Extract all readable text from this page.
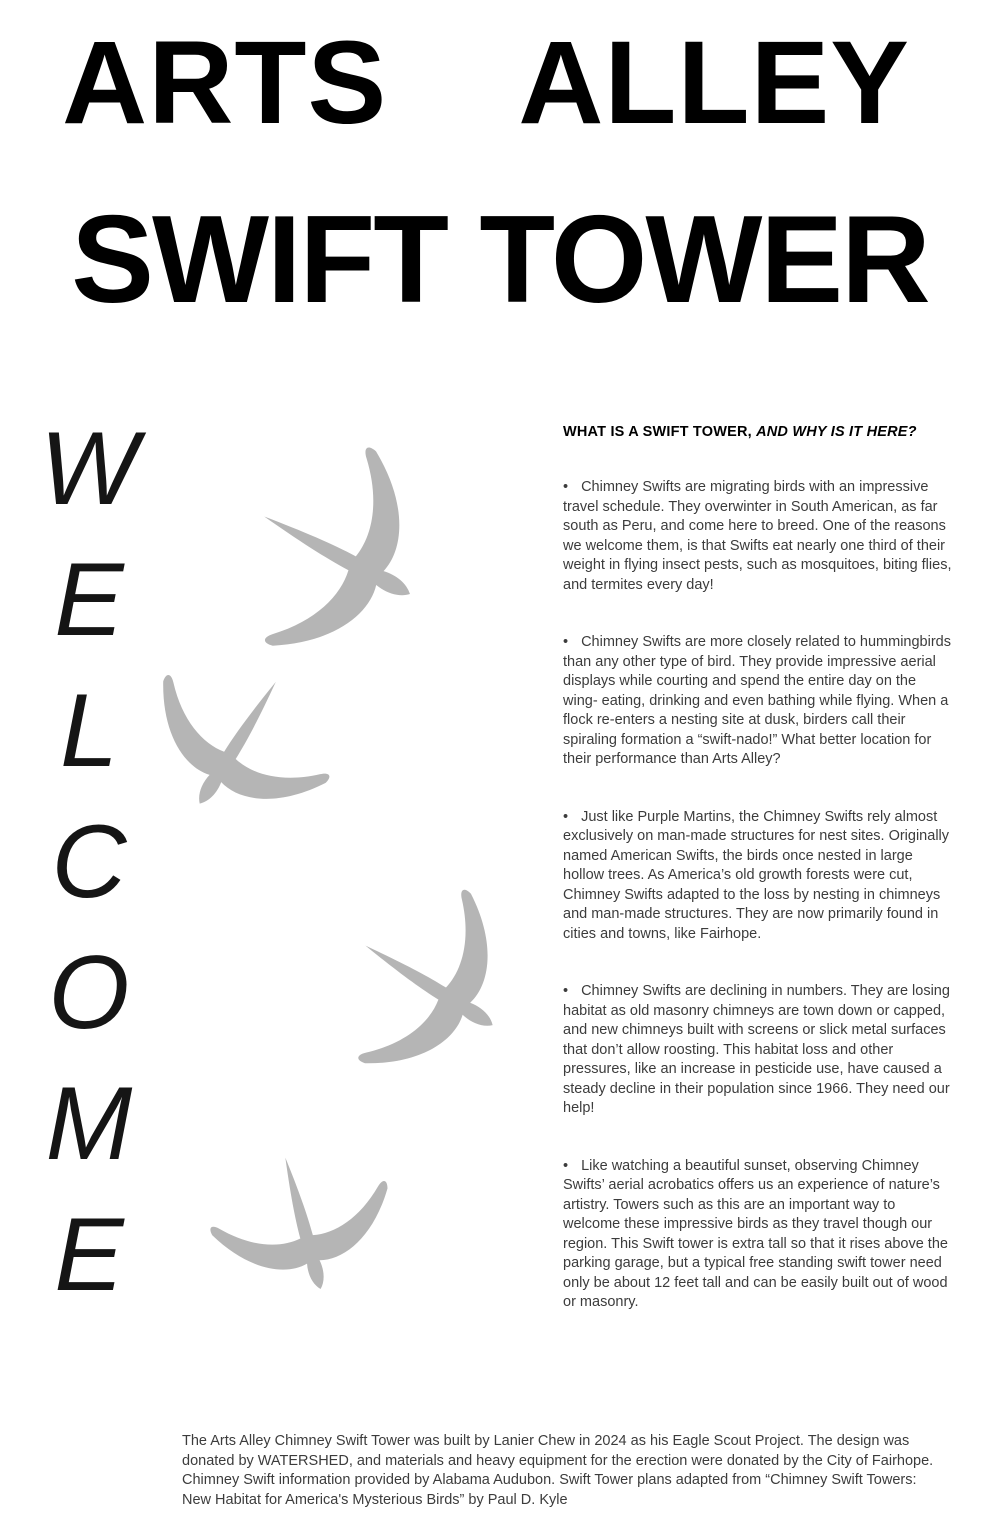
ARTS ALLEY
SWIFT TOWER
W
E
L
C
O
M
E
WHAT IS A SWIFT TOWER, AND WHY IS IT HERE?

• Chimney Swifts are migrating birds with an impressive travel schedule. They overwinter in South American, as far south as Peru, and come here to breed. One of the reasons we welcome them, is that Swifts eat nearly one third of their weight in flying insect pests, such as mosquitoes, biting flies, and termites every day!

• Chimney Swifts are more closely related to hummingbirds than any other type of bird. They provide impressive aerial displays while courting and spend the entire day on the wing- eating, drinking and even bathing while flying. When a flock re-enters a nesting site at dusk, birders call their spiraling formation a “swift-nado!” What better location for their performance than Arts Alley?

• Just like Purple Martins, the Chimney Swifts rely almost exclusively on man-made structures for nest sites. Originally named American Swifts, the birds once nested in large hollow trees. As America’s old growth forests were cut, Chimney Swifts adapted to the loss by nesting in chimneys and man-made structures. They are now primarily found in cities and towns, like Fairhope.

• Chimney Swifts are declining in numbers. They are losing habitat as old masonry chimneys are town down or capped, and new chimneys built with screens or slick metal surfaces that don’t allow roosting. This habitat loss and other pressures, like an increase in pesticide use, have caused a steady decline in their population since 1966. They need our help!

• Like watching a beautiful sunset, observing Chimney Swifts’ aerial acrobatics offers us an experience of nature’s artistry. Towers such as this are an important way to welcome these impressive birds as they travel though our region. This Swift tower is extra tall so that it rises above the parking garage, but a typical free standing swift tower need only be about 12 feet tall and can be easily built out of wood or masonry.

The Arts Alley Chimney Swift Tower was built by Lanier Chew in 2024 as his Eagle Scout Project. The design was donated by WATERSHED, and materials and heavy equipment for the erection were donated by the City of Fairhope. Chimney Swift information provided by Alabama Audubon. Swift Tower plans adapted from “Chimney Swift Towers: New Habitat for America's Mysterious Birds” by Paul D. Kyle
